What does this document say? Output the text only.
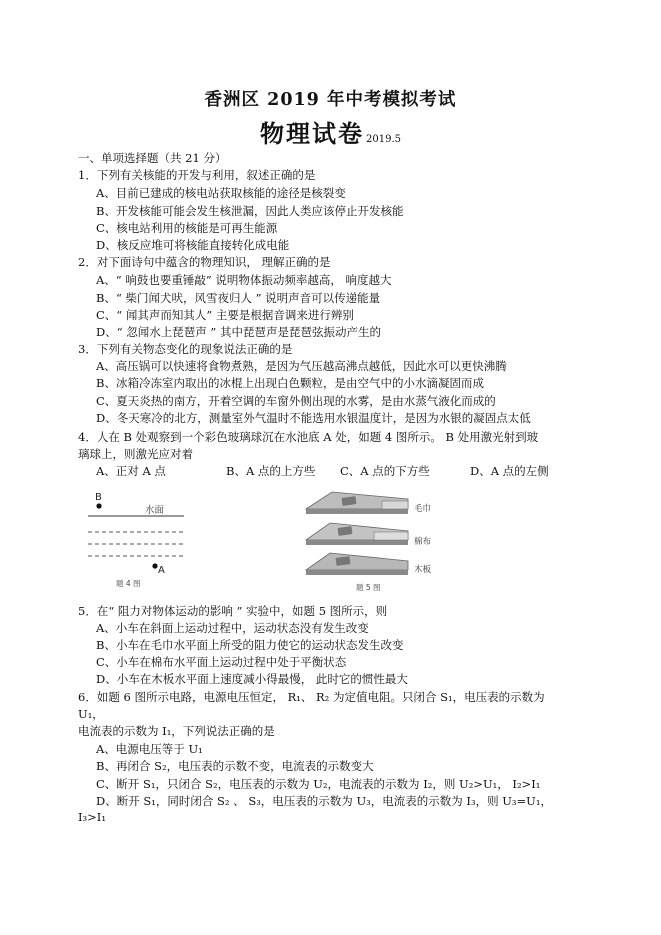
香洲区 2019 年中考模拟考试
物理试卷 2019.5
一、单项选择题（共 21 分）
1．下列有关核能的开发与利用，叙述正确的是
A、目前已建成的核电站获取核能的途径是核裂变
B、开发核能可能会发生核泄漏，因此人类应该停止开发核能
C、核电站利用的核能是可再生能源
D、核反应堆可将核能直接转化成电能
2．对下面诗句中蕴含的物理知识， 理解正确的是
A、“ 响鼓也要重锤敲” 说明物体振动频率越高， 响度越大
B、“ 柴门闻犬吠，风雪夜归人 ” 说明声音可以传递能量
C、“ 闻其声而知其人” 主要是根据音调来进行辨别
D、“ 忽闻水上琵琶声 ” 其中琵琶声是琵琶弦振动产生的
3．下列有关物态变化的现象说法正确的是
A、高压锅可以快速将食物煮熟，是因为气压越高沸点越低，因此水可以更快沸腾
B、冰箱冷冻室内取出的冰棍上出现白色颗粒，是由空气中的小水滴凝固而成
C、夏天炎热的南方，开着空调的车窗外侧出现的水雾，是由水蒸气液化而成的
D、冬天寒冷的北方，测量室外气温时不能选用水银温度计，是因为水银的凝固点太低
4．人在 B 处观察到一个彩色玻璃球沉在水池底 A 处，如题 4 图所示。 B 处用激光射到玻
璃球上，则激光应对着
A、正对 A 点	B、A 点的上方些 C、A 点的下方些	D、A 点的左侧
B
水面
A
题 4 图
毛巾
棉布
木板
题 5 图
5．在“ 阻力对物体运动的影响 ” 实验中，如题 5 图所示，则
A、小车在斜面上运动过程中，运动状态没有发生改变
B、小车在毛巾水平面上所受的阻力使它的运动状态发生改变
C、小车在棉布水平面上运动过程中处于平衡状态
D、小车在木板水平面上速度减小得最慢， 此时它的惯性最大
6．如题 6 图所示电路，电源电压恒定， R₁、 R₂ 为定值电阻。只闭合 S₁，电压表的示数为
U₁，
电流表的示数为 I₁，下列说法正确的是
A、电源电压等于 U₁
B、再闭合 S₂，电压表的示数不变，电流表的示数变大
C、断开 S₁，只闭合 S₂，电压表的示数为 U₂，电流表的示数为 I₂，则 U₂>U₁， I₂>I₁
D、断开 S₁，同时闭合 S₂ 、 S₃，电压表的示数为 U₃，电流表的示数为 I₃，则 U₃=U₁，
I₃>I₁
